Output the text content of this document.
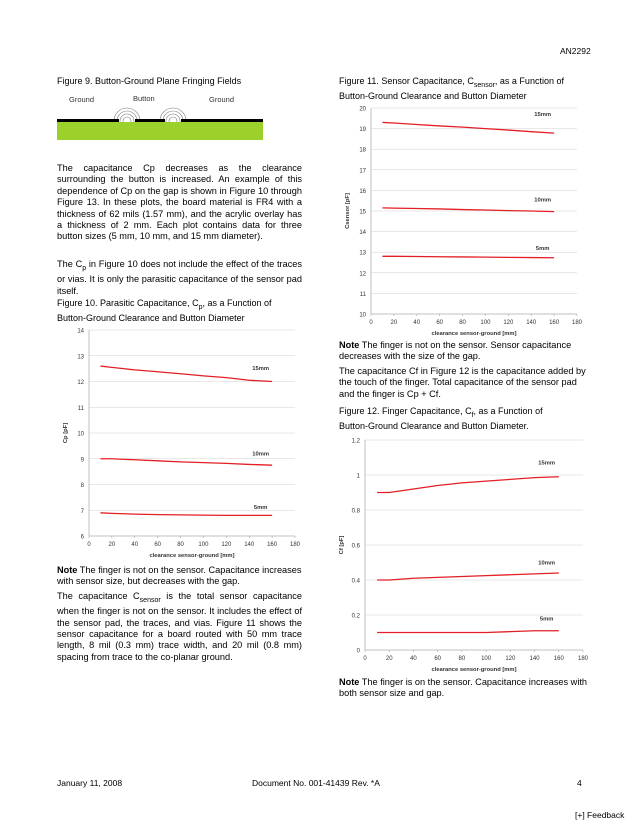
AN2292
Figure 9. Button-Ground Plane Fringing Fields
Ground	Button	Ground
The capacitance Cp decreases as the clearance surrounding the button is increased. An example of this dependence of Cp on the gap is shown in Figure 10 through Figure 13. In these plots, the board material is FR4 with a thickness of 62 mils (1.57 mm), and the acrylic overlay has a thickness of 2 mm. Each plot contains data for three button sizes (5 mm, 10 mm, and 15 mm diameter).
The $C_p$ in Figure 10 does not include the effect of the traces or vias. It is only the parasitic capacitance of the sensor pad itself.
Figure 10. Parasitic Capacitance, $C_p$, as a Function of
Button-Ground Clearance and Button Diameter
6
7
8
9
10
11
12
13
14
0	20	40	60	80 100 120 140 160 180
clearance sensor-ground [mm]
Cp [pF]
15mm
10mm
5mm
Note The finger is not on the sensor. Capacitance increases with sensor size, but decreases with the gap.
The capacitance $C_{sensor}$ is the total sensor capacitance when the finger is not on the sensor. It includes the effect of the sensor pad, the traces, and vias. Figure 11 shows the sensor capacitance for a board routed with 50 mm trace length, 8 mil (0.3 mm) trace width, and 20 mil (0.8 mm) spacing from trace to the co-planar ground.
Figure 11. Sensor Capacitance, $C_{sensor}$, as a Function of
Button-Ground Clearance and Button Diameter
10
11
12
13
14
15
16
17
18
19
20
0	20	40	60	80 100 120 140 160 180
clearance sensor-ground [mm]
Csensor [pF]
15mm
10mm
5mm
Note The finger is not on the sensor. Sensor capacitance decreases with the size of the gap.
The capacitance Cf in Figure 12 is the capacitance added by the touch of the finger. Total capacitance of the sensor pad and the finger is Cp + Cf.
Figure 12. Finger Capacitance, $C_f$, as a Function of
Button-Ground Clearance and Button Diameter.
0
0.2
0.4
0.6
0.8
1
1.2
0	20	40	60	80	100 120 140 160 180
clearance sensor-ground [mm]
Cf [pF]
15mm
10mm
5mm
Note The finger is on the sensor. Capacitance increases with both sensor size and gap.
January 11, 2008	Document No. 001-41439 Rev. *A	4
[+] Feedback
